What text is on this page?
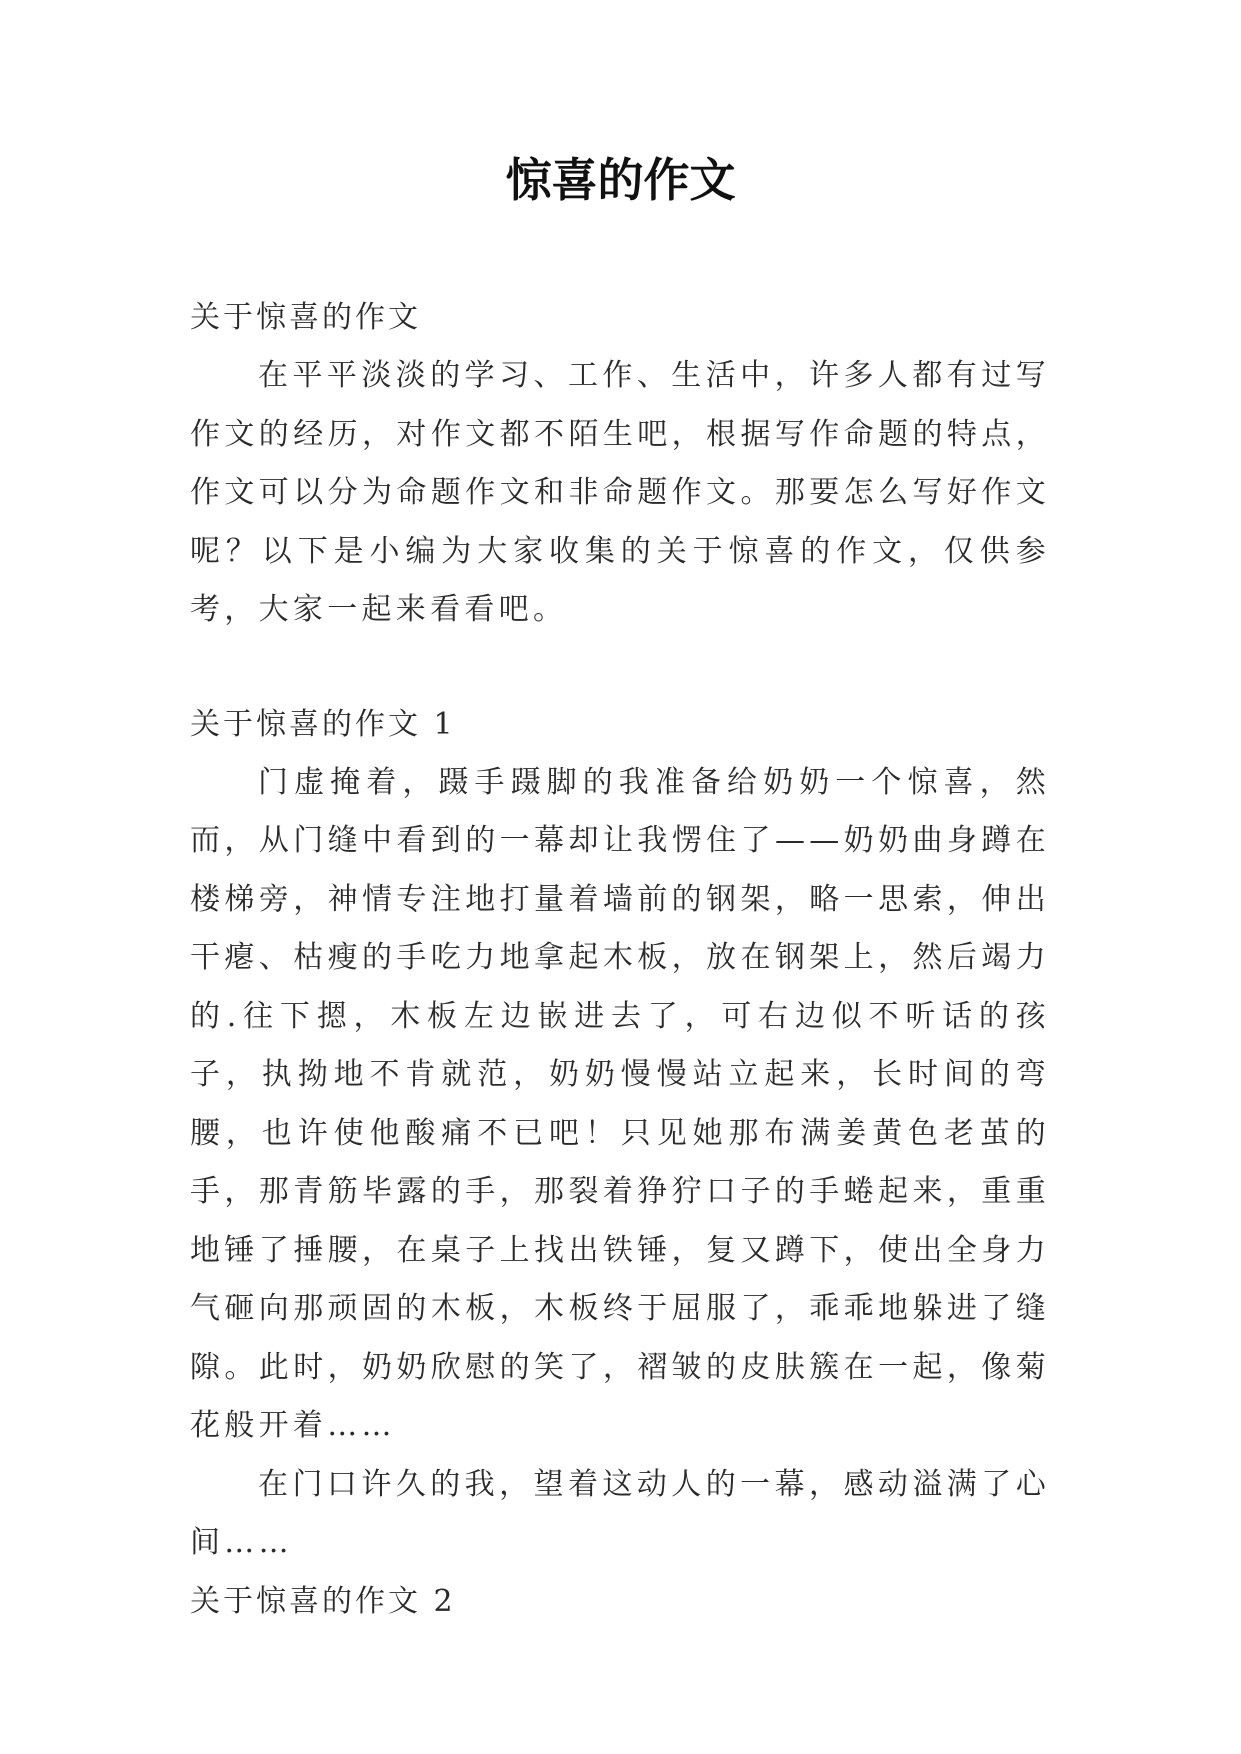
惊喜的作文

关于惊喜的作文

在平平淡淡的学习、工作、生活中，许多人都有过写作文的经历，对作文都不陌生吧，根据写作命题的特点，作文可以分为命题作文和非命题作文。那要怎么写好作文呢？以下是小编为大家收集的关于惊喜的作文，仅供参考，大家一起来看看吧。

关于惊喜的作文 1

门虚掩着，蹑手蹑脚的我准备给奶奶一个惊喜，然而，从门缝中看到的一幕却让我愣住了——奶奶曲身蹲在楼梯旁，神情专注地打量着墙前的钢架，略一思索，伸出干瘪、枯瘦的手吃力地拿起木板，放在钢架上，然后竭力的.往下摁，木板左边嵌进去了，可右边似不听话的孩子，执拗地不肯就范，奶奶慢慢站立起来，长时间的弯腰，也许使他酸痛不已吧！只见她那布满姜黄色老茧的手，那青筋毕露的手，那裂着狰狞口子的手蜷起来，重重地锤了捶腰，在桌子上找出铁锤，复又蹲下，使出全身力气砸向那顽固的木板，木板终于屈服了，乖乖地躲进了缝隙。此时，奶奶欣慰的笑了，褶皱的皮肤簇在一起，像菊花般开着……

在门口许久的我，望着这动人的一幕，感动溢满了心间……

关于惊喜的作文 2
